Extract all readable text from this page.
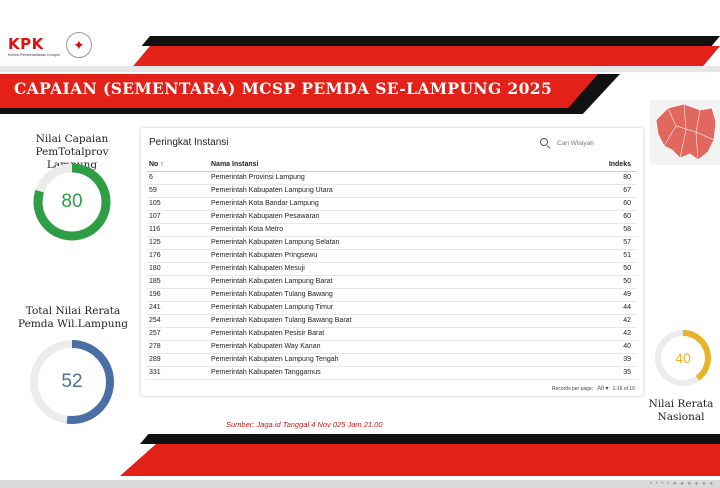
KPK
Komisi Pemberantasan Korupsi
✦
CAPAIAN (SEMENTARA) MCSP PEMDA SE-LAMPUNG 2025
Nilai Capaian PemTotalprov Lampung
80
Total Nilai Rerata Pemda Wil.Lampung
52
40
Nilai Rerata Nasional
Peringkat Instansi
Cari Wilayah
No ↑	Nama Instansi	Indeks
6	Pemerintah Provinsi Lampung	80
59	Pemerintah Kabupaten Lampung Utara	67
105	Pemerintah Kota Bandar Lampung	60
107	Pemerintah Kabupaten Pesawaran	60
116	Pemerintah Kota Metro	58
125	Pemerintah Kabupaten Lampung Selatan	57
176	Pemerintah Kabupaten Pringsewu	51
180	Pemerintah Kabupaten Mesuji	50
185	Pemerintah Kabupaten Lampung Barat	50
196	Pemerintah Kabupaten Tulang Bawang	49
241	Pemerintah Kabupaten Lampung Timur	44
254	Pemerintah Kabupaten Tulang Bawang Barat	42
257	Pemerintah Kabupaten Pesisir Barat	42
278	Pemerintah Kabupaten Way Kanan	40
289	Pemerintah Kabupaten Lampung Tengah	39
331	Pemerintah Kabupaten Tanggamus	35
Records per page: All ▾ 1-16 of 16
Sumber: Jaga.id Tanggal 4 Nov 025 Jam 21.00
• • • • ● ● ● ● ● ●
